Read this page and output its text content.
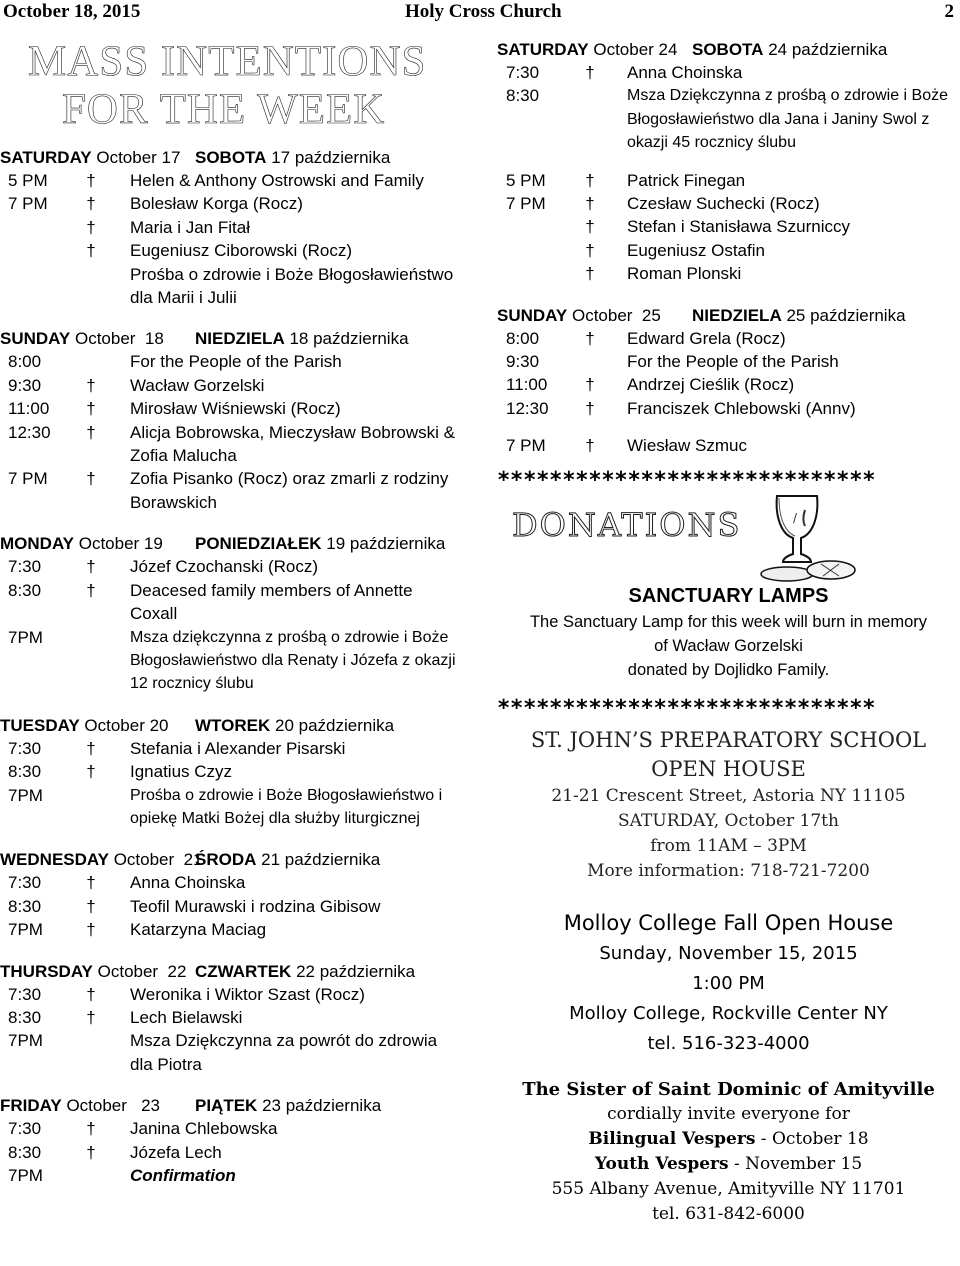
October 18, 2015	Holy Cross Church	2
MASS INTENTIONS
FOR THE WEEK
SATURDAY October 17 SOBOTA 17 października
5 PM	†	Helen & Anthony Ostrowski and Family
7 PM	†	Bolesław Korga (Rocz)
†	Maria i Jan Fitał
†	Eugeniusz Ciborowski (Rocz)
Prośba o zdrowie i Boże Błogosławieństwo dla Marii i Julii
SUNDAY October  18	NIEDZIELA 18 października
8:00	For the People of the Parish
9:30	†	Wacław Gorzelski
11:00	†	Mirosław Wiśniewski (Rocz)
12:30	†	Alicja Bobrowska, Mieczysław Bobrowski & Zofia Malucha
7 PM	†	Zofia Pisanko (Rocz) oraz zmarli z rodziny Borawskich
MONDAY October 19	PONIEDZIAŁEK 19 października
7:30	†	Józef Czochanski (Rocz)
8:30	†	Deacesed family members of Annette Coxall
7PM	Msza dziękczynna z prośbą o zdrowie i Boże Błogosławieństwo dla Renaty i Józefa z okazji 12 rocznicy ślubu
TUESDAY October 20	WTOREK 20 października
7:30	†	Stefania i Alexander Pisarski
8:30	†	Ignatius Czyz
7PM	Prośba o zdrowie i Boże Błogosławieństwo i opiekę Matki Bożej dla służby liturgicznej
WEDNESDAY October  21
ŚRODA 21 października
7:30	†	Anna Choinska
8:30	†	Teofil Murawski i rodzina Gibisow
7PM	†	Katarzyna Maciag
THURSDAY October  22 CZWARTEK 22 października
7:30	†	Weronika i Wiktor Szast (Rocz)
8:30	†	Lech Bielawski
7PM	Msza Dziękczynna za powrót do zdrowia dla Piotra
FRIDAY October   23	PIĄTEK 23 października
7:30	†	Janina Chlebowska
8:30	†	Józefa Lech
7PM	Confirmation
SATURDAY October 24 SOBOTA 24 października
7:30	†	Anna Choinska
8:30	Msza Dziękczynna z prośbą o zdrowie i Boże Błogosławieństwo dla Jana i Janiny Swol z okazji 45 rocznicy ślubu
5 PM	†	Patrick Finegan
7 PM	†	Czesław Suchecki (Rocz)
†	Stefan i Stanisława Szurniccy
†	Eugeniusz Ostafin
†	Roman Plonski
SUNDAY October  25	NIEDZIELA 25 października
8:00	†	Edward Grela (Rocz)
9:30	For the People of the Parish
11:00	†	Andrzej Cieślik (Rocz)
12:30	†	Franciszek Chlebowski (Annv)
7 PM	†	Wiesław Szmuc
*****************************
DONATIONS	/
SANCTUARY LAMPS
The Sanctuary Lamp for this week will burn in memory
of Wacław Gorzelski
donated by Dojlidko Family.
*****************************
ST. JOHN’S PREPARATORY SCHOOL
OPEN HOUSE
21-21 Crescent Street, Astoria NY 11105
SATURDAY, October 17th
from 11AM – 3PM
More information: 718-721-7200
Molloy College Fall Open House
Sunday, November 15, 2015
1:00 PM
Molloy College, Rockville Center NY
tel. 516-323-4000
The Sister of Saint Dominic of Amityville
cordially invite everyone for
Bilingual Vespers - October 18
Youth Vespers - November 15
555 Albany Avenue, Amityville NY 11701
tel. 631-842-6000
